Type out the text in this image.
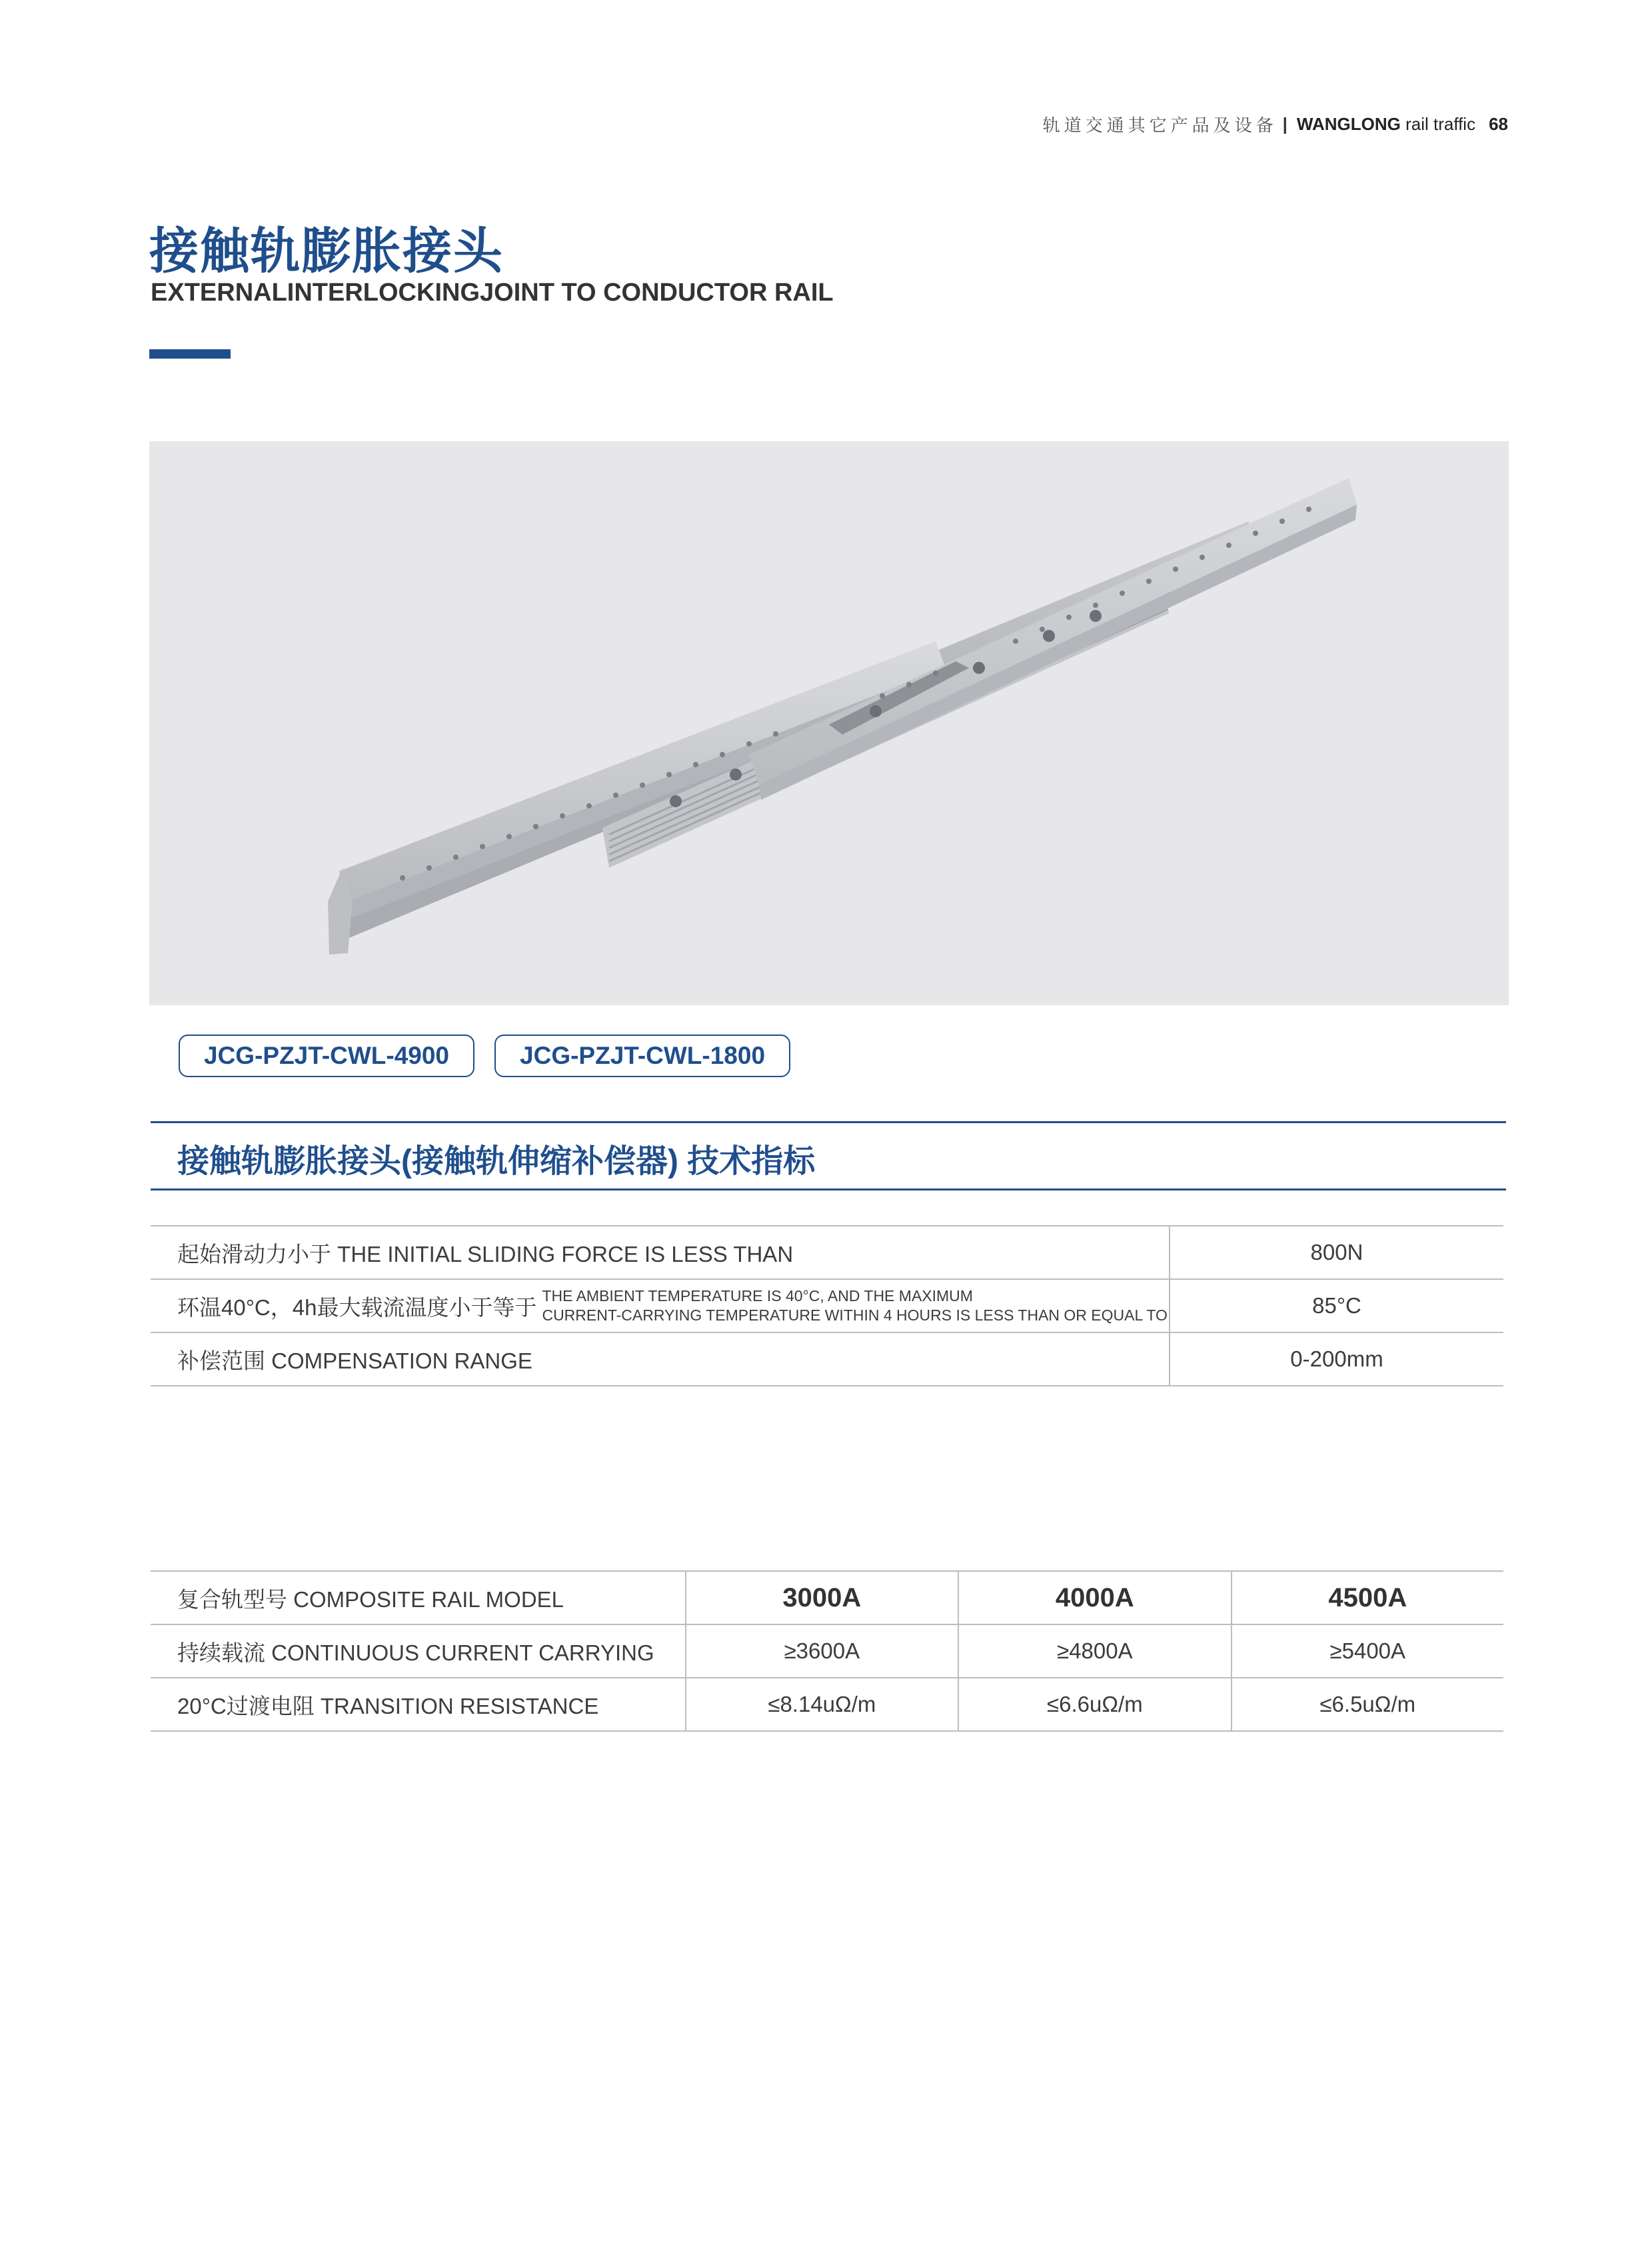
轨道交通其它产品及设备 | WANGLONG rail traffic 68
接触轨膨胀接头
EXTERNALINTERLOCKINGJOINT TO CONDUCTOR RAIL
JCG-PZJT-CWL-4900	JCG-PZJT-CWL-1800
接触轨膨胀接头(接触轨伸缩补偿器) 技术指标
起始滑动力小于 THE INITIAL SLIDING FORCE IS LESS THAN	800N

环温40°C，4h最大载流温度小于等于 THE AMBIENT TEMPERATURE IS 40°C, AND THE MAXIMUM
CURRENT-CARRYING TEMPERATURE WITHIN 4 HOURS IS LESS THAN OR EQUAL TO	85°C
补偿范围 COMPENSATION RANGE	0-200mm
复合轨型号 COMPOSITE RAIL MODEL	3000A	4000A	4500A
持续载流 CONTINUOUS CURRENT CARRYING	≥3600A	≥4800A	≥5400A
20°C过渡电阻 TRANSITION RESISTANCE	≤8.14uΩ/m	≤6.6uΩ/m	≤6.5uΩ/m
